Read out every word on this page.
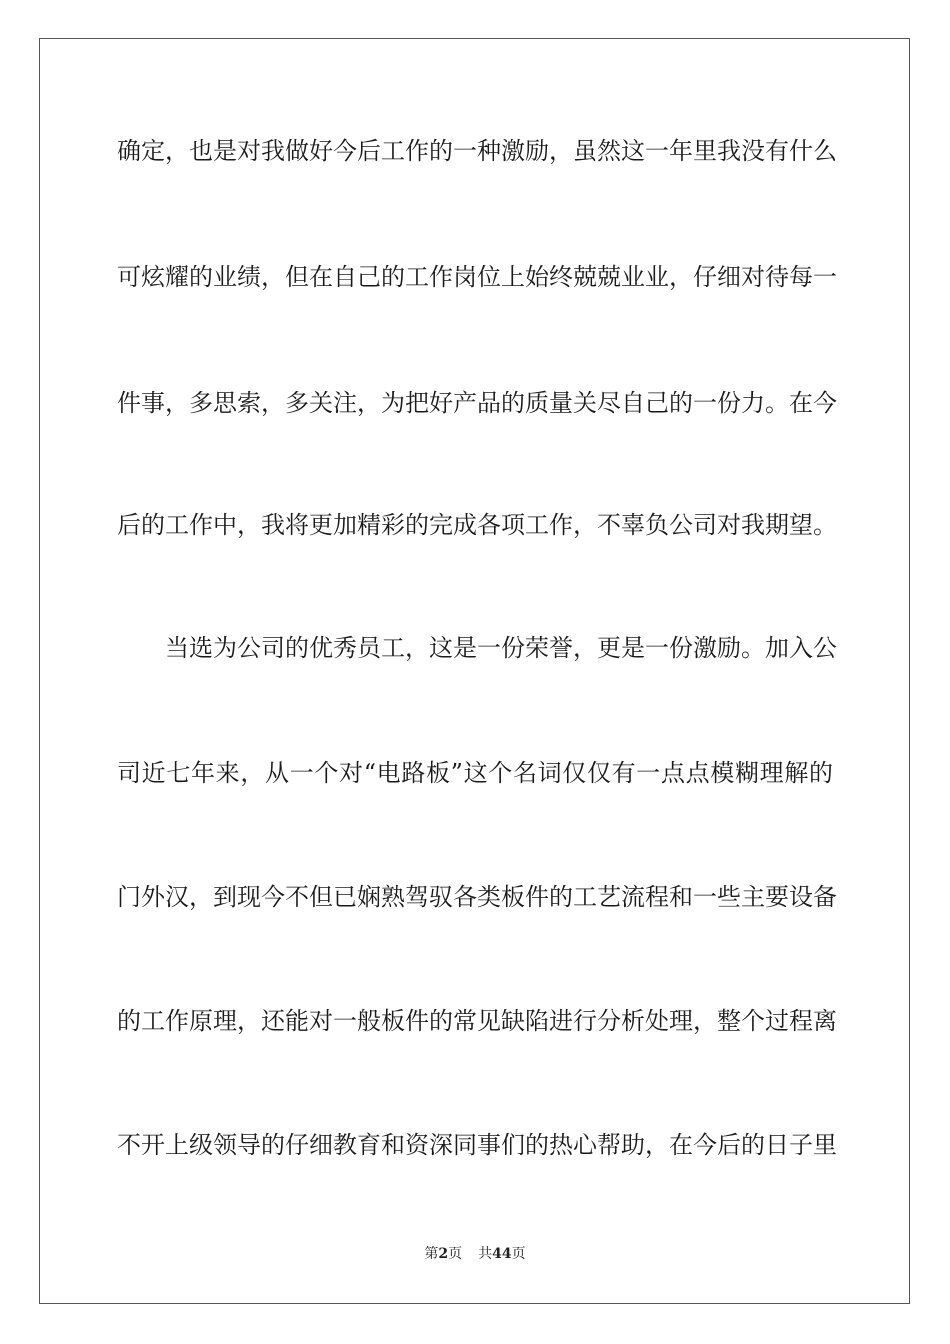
确定，也是对我做好今后工作的一种激励，虽然这一年里我没有什么
可炫耀的业绩，但在自己的工作岗位上始终兢兢业业，仔细对待每一
件事，多思索，多关注，为把好产品的质量关尽自己的一份力。在今
后的工作中，我将更加精彩的完成各项工作，不辜负公司对我期望。
当选为公司的优秀员工，这是一份荣誉，更是一份激励。加入公
司近七年来，从一个对“电路板”这个名词仅仅有一点点模糊理解的
门外汉，到现今不但已娴熟驾驭各类板件的工艺流程和一些主要设备
的工作原理，还能对一般板件的常见缺陷进行分析处理，整个过程离
不开上级领导的仔细教育和资深同事们的热心帮助，在今后的日子里
第2页 共44页
